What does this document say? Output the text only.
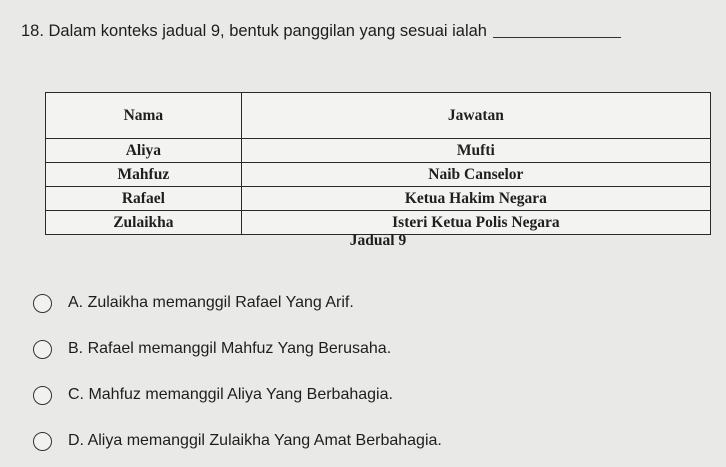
18. Dalam konteks jadual 9, bentuk panggilan yang sesuai ialah
Nama	Jawatan
Aliya	Mufti
Mahfuz	Naib Canselor
Rafael	Ketua Hakim Negara
Zulaikha	Isteri Ketua Polis Negara
Jadual 9
A. Zulaikha memanggil Rafael Yang Arif.
B. Rafael memanggil Mahfuz Yang Berusaha.
C. Mahfuz memanggil Aliya Yang Berbahagia.
D. Aliya memanggil Zulaikha Yang Amat Berbahagia.
